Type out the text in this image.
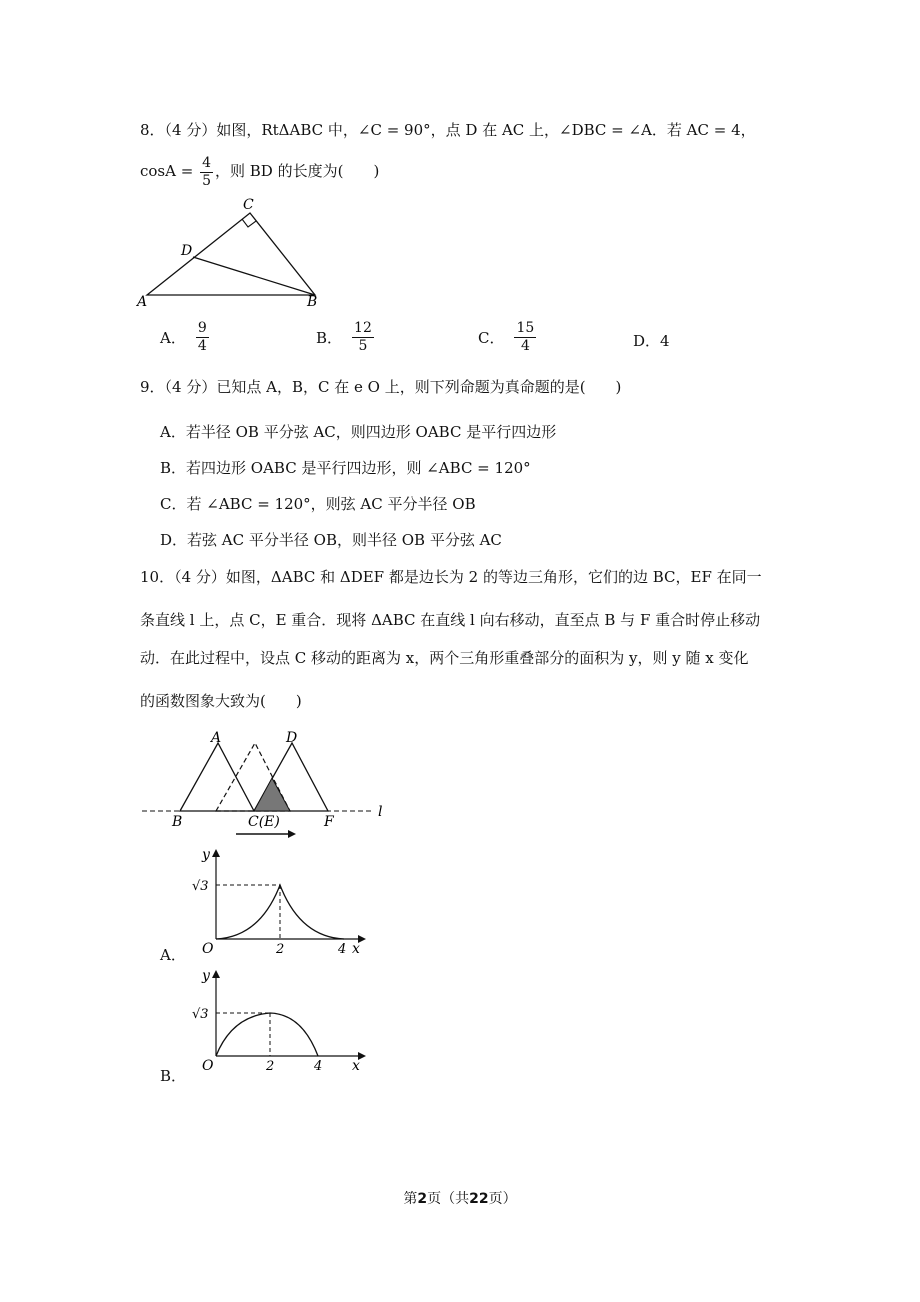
8．（4 分）如图，RtΔABC 中，∠C = 90°，点 D 在 AC 上，∠DBC = ∠A．若 AC = 4，
$\cos A = \frac{4}{5}$ ，则 BD 的长度为(　　)
C
D
A	B
A． $\frac{9}{4}$	B． $\frac{12}{5}$	C． $\frac{15}{4}$	D．4
9．（4 分）已知点 A，B，C 在 e O 上，则下列命题为真命题的是(　　)
A．若半径 OB 平分弦 AC，则四边形 OABC 是平行四边形
B．若四边形 OABC 是平行四边形，则 ∠ABC = 120°
C．若 ∠ABC = 120°，则弦 AC 平分半径 OB
D．若弦 AC 平分半径 OB，则半径 OB 平分弦 AC
10．（4 分）如图，ΔABC 和 ΔDEF 都是边长为 2 的等边三角形，它们的边 BC，EF 在同一
条直线 l 上，点 C，E 重合．现将 ΔABC 在直线 l 向右移动，直至点 B 与 F 重合时停止移动
动．在此过程中，设点 C 移动的距离为 x，两个三角形重叠部分的面积为 y，则 y 随 x 变化
的函数图象大致为(　　)
A	D
B	C(E)	F
l
y
x
O
√3
2	4
A．
y
x
O
√3
2	4
B．
第2页（共22页）
